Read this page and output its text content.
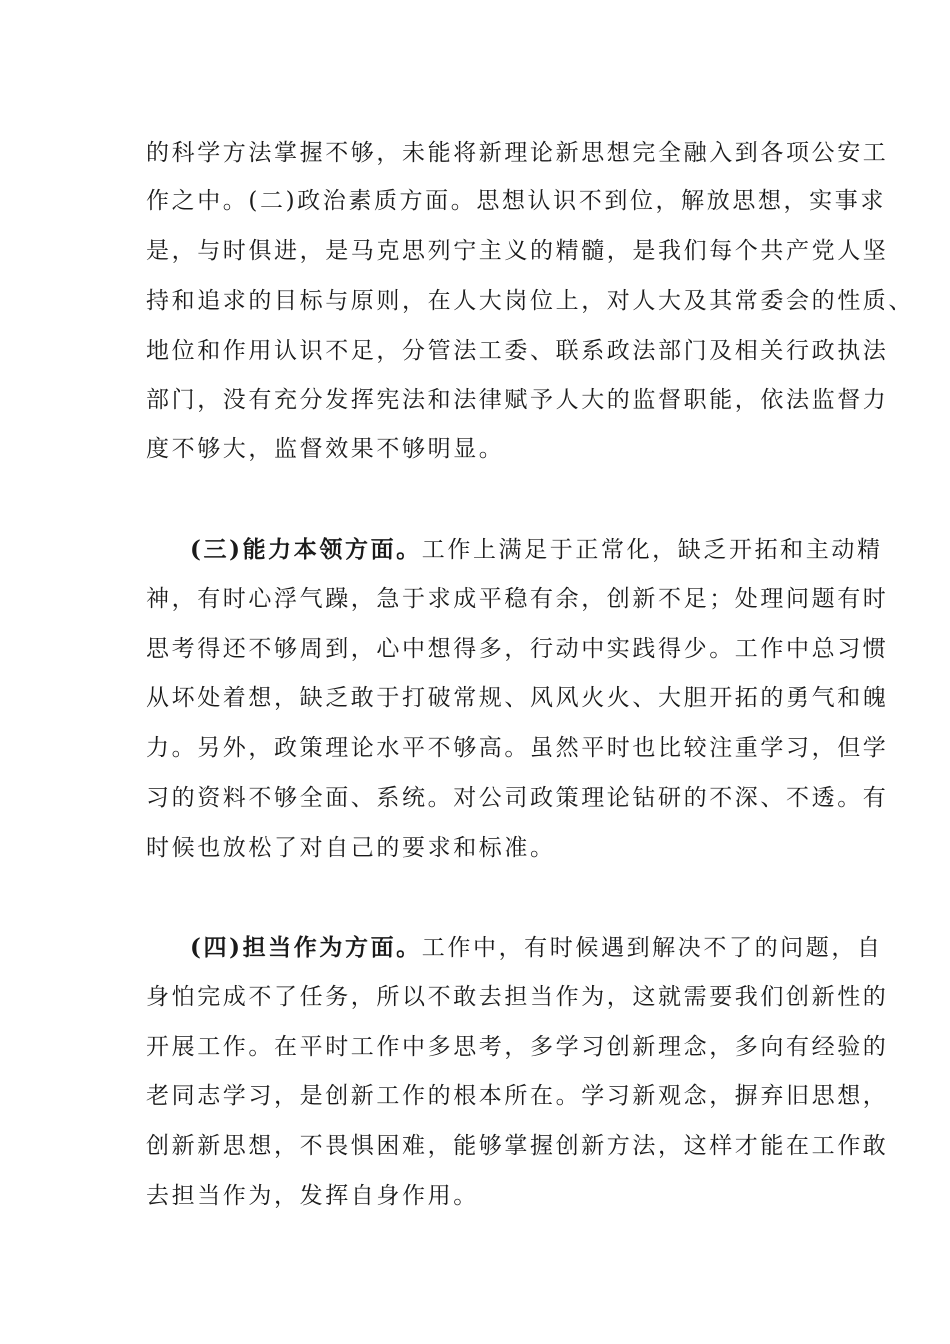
的科学方法掌握不够，未能将新理论新思想完全融入到各项公安工
作之中。(二)政治素质方面。思想认识不到位，解放思想，实事求
是，与时俱进，是马克思列宁主义的精髓，是我们每个共产党人坚
持和追求的目标与原则，在人大岗位上，对人大及其常委会的性质、
地位和作用认识不足，分管法工委、联系政法部门及相关行政执法
部门，没有充分发挥宪法和法律赋予人大的监督职能，依法监督力
度不够大，监督效果不够明显。
(三)能力本领方面。工作上满足于正常化，缺乏开拓和主动精
神，有时心浮气躁，急于求成平稳有余，创新不足；处理问题有时
思考得还不够周到，心中想得多，行动中实践得少。工作中总习惯
从坏处着想，缺乏敢于打破常规、风风火火、大胆开拓的勇气和魄
力。另外，政策理论水平不够高。虽然平时也比较注重学习，但学
习的资料不够全面、系统。对公司政策理论钻研的不深、不透。有
时候也放松了对自己的要求和标准。
(四)担当作为方面。工作中，有时候遇到解决不了的问题，自
身怕完成不了任务，所以不敢去担当作为，这就需要我们创新性的
开展工作。在平时工作中多思考，多学习创新理念，多向有经验的
老同志学习，是创新工作的根本所在。学习新观念，摒弃旧思想，
创新新思想，不畏惧困难，能够掌握创新方法，这样才能在工作敢
去担当作为，发挥自身作用。
